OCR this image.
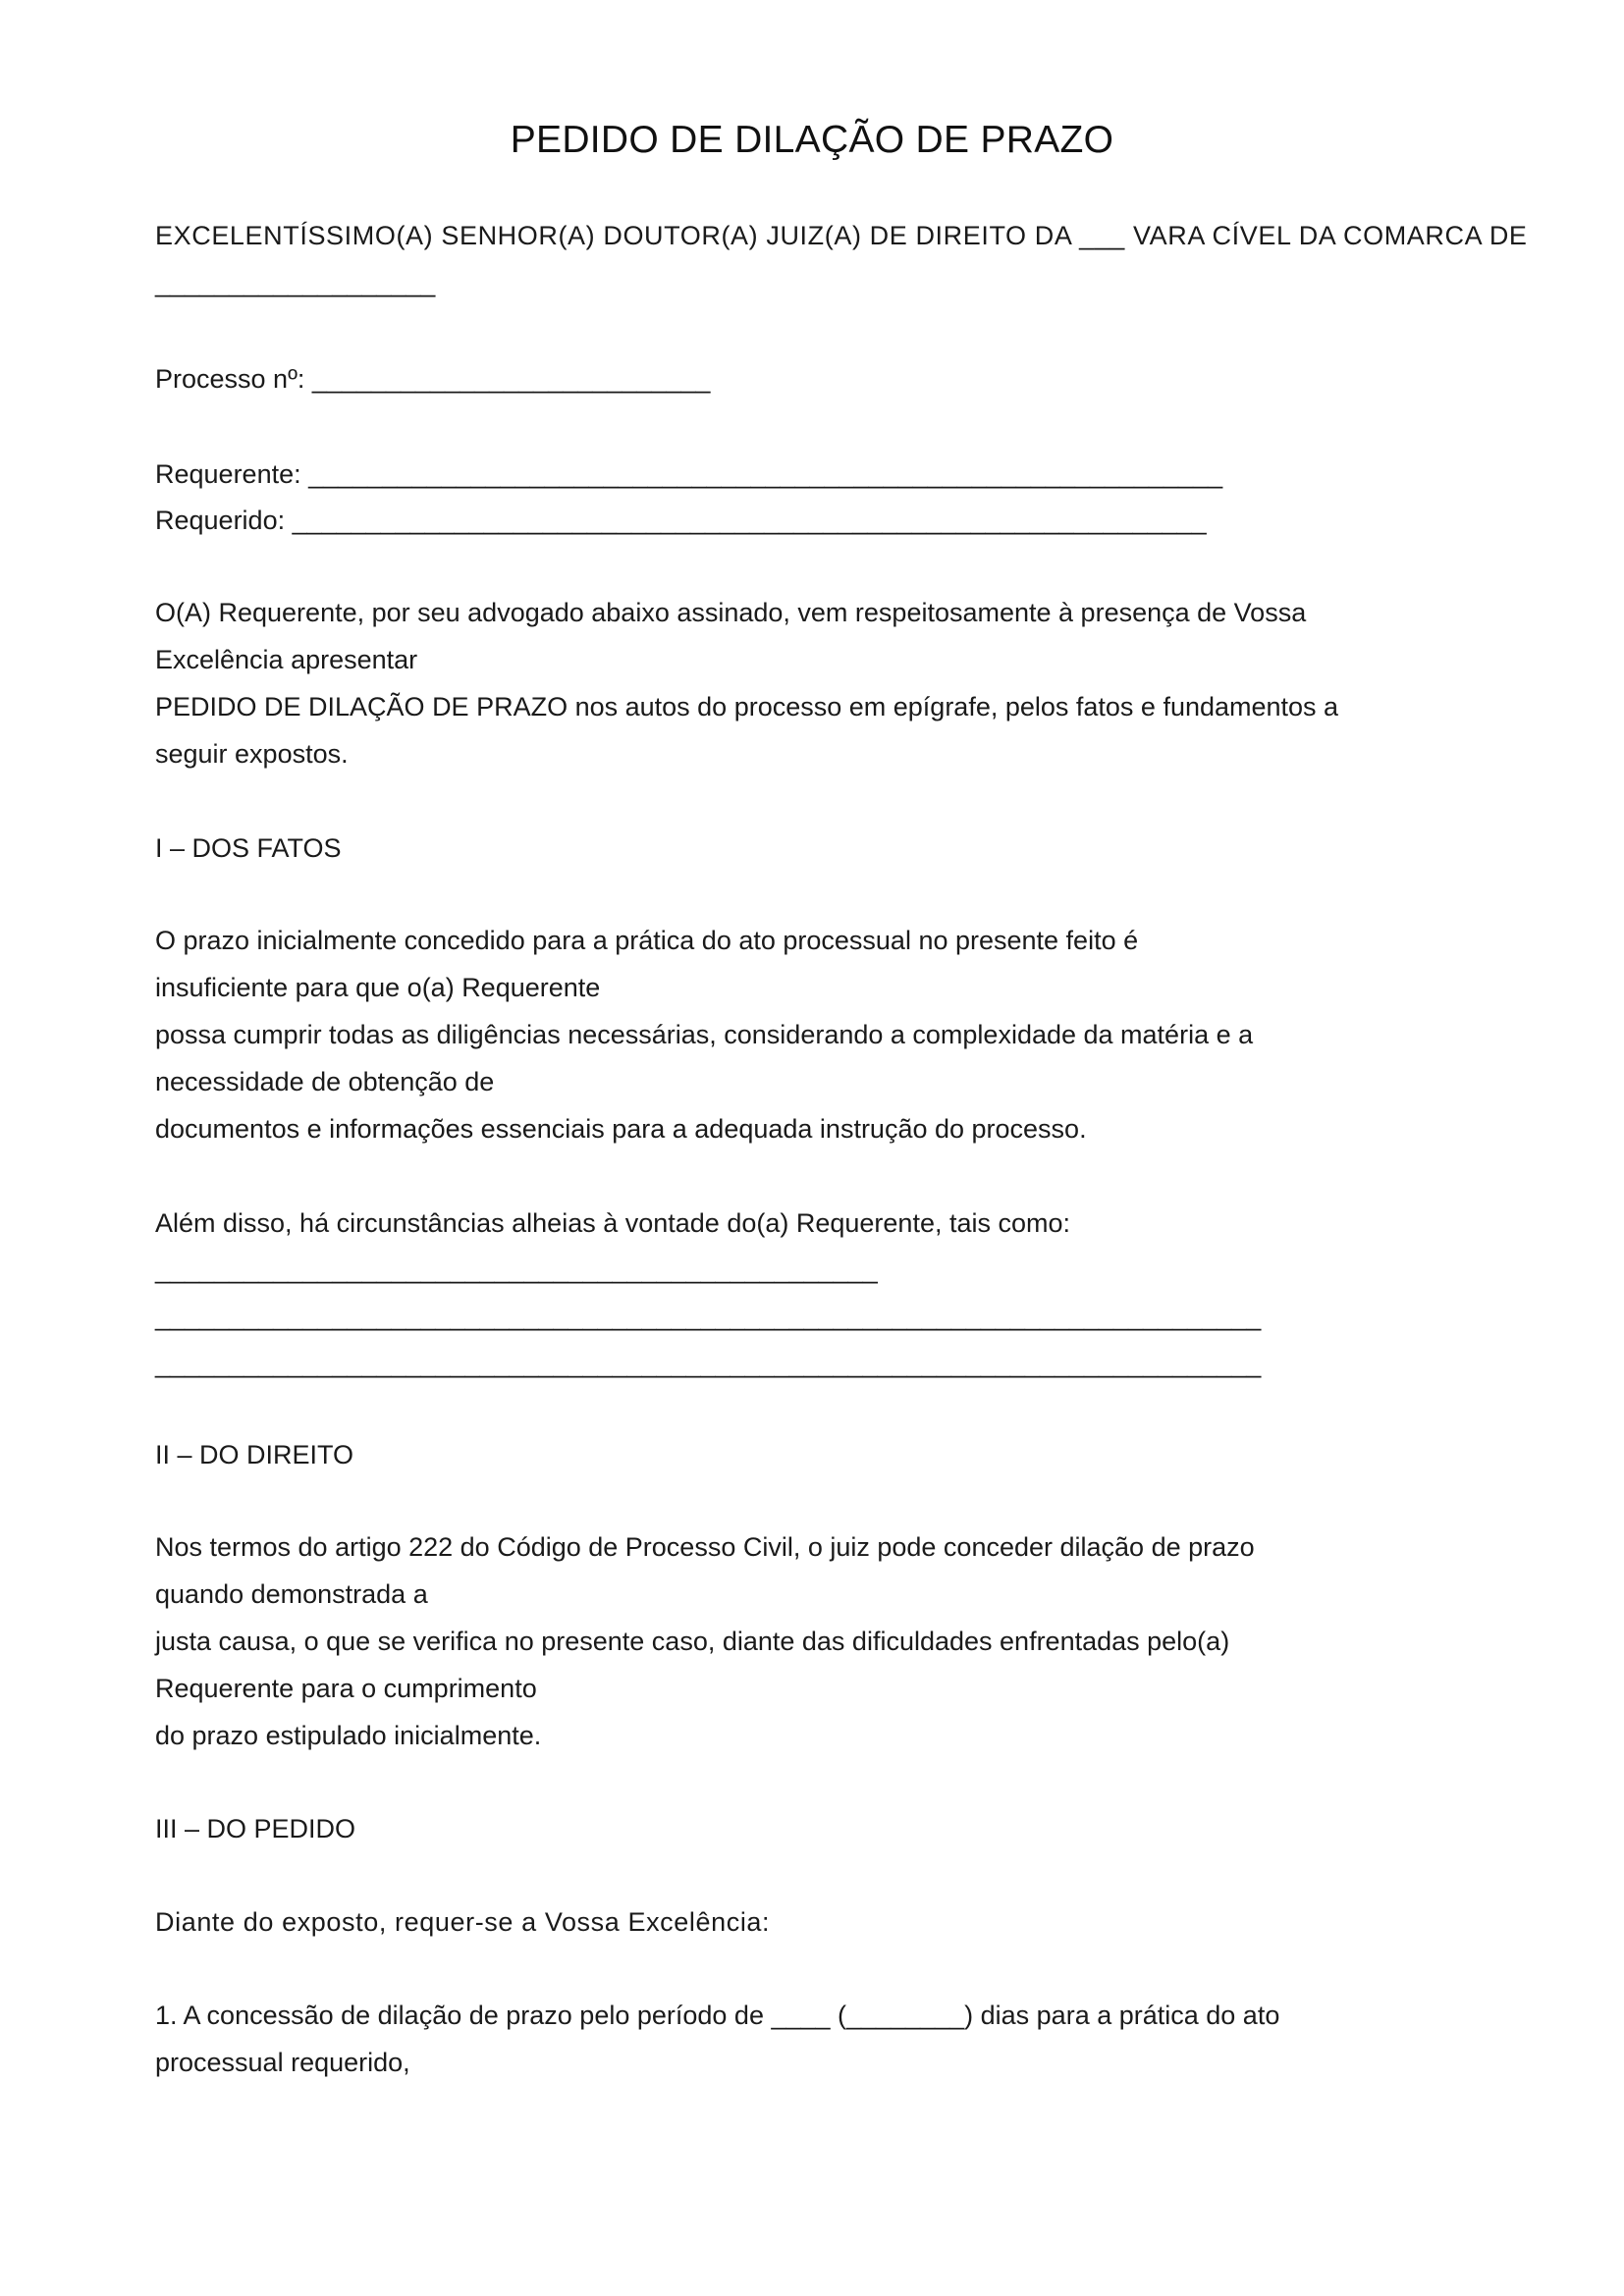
PEDIDO DE DILAÇÃO DE PRAZO
EXCELENTÍSSIMO(A) SENHOR(A) DOUTOR(A) JUIZ(A) DE DIREITO DA ___ VARA CÍVEL DA COMARCA DE
___________________
Processo nº: ___________________________
Requerente: ______________________________________________________________
Requerido: ______________________________________________________________
O(A) Requerente, por seu advogado abaixo assinado, vem respeitosamente à presença de Vossa
Excelência apresentar
PEDIDO DE DILAÇÃO DE PRAZO nos autos do processo em epígrafe, pelos fatos e fundamentos a
seguir expostos.
I – DOS FATOS
O prazo inicialmente concedido para a prática do ato processual no presente feito é
insuficiente para que o(a) Requerente
possa cumprir todas as diligências necessárias, considerando a complexidade da matéria e a
necessidade de obtenção de
documentos e informações essenciais para a adequada instrução do processo.
Além disso, há circunstâncias alheias à vontade do(a) Requerente, tais como:
_________________________________________________
___________________________________________________________________________
___________________________________________________________________________
II – DO DIREITO
Nos termos do artigo 222 do Código de Processo Civil, o juiz pode conceder dilação de prazo
quando demonstrada a
justa causa, o que se verifica no presente caso, diante das dificuldades enfrentadas pelo(a)
Requerente para o cumprimento
do prazo estipulado inicialmente.
III – DO PEDIDO
Diante do exposto, requer-se a Vossa Excelência:
1. A concessão de dilação de prazo pelo período de ____ (________) dias para a prática do ato
processual requerido,
